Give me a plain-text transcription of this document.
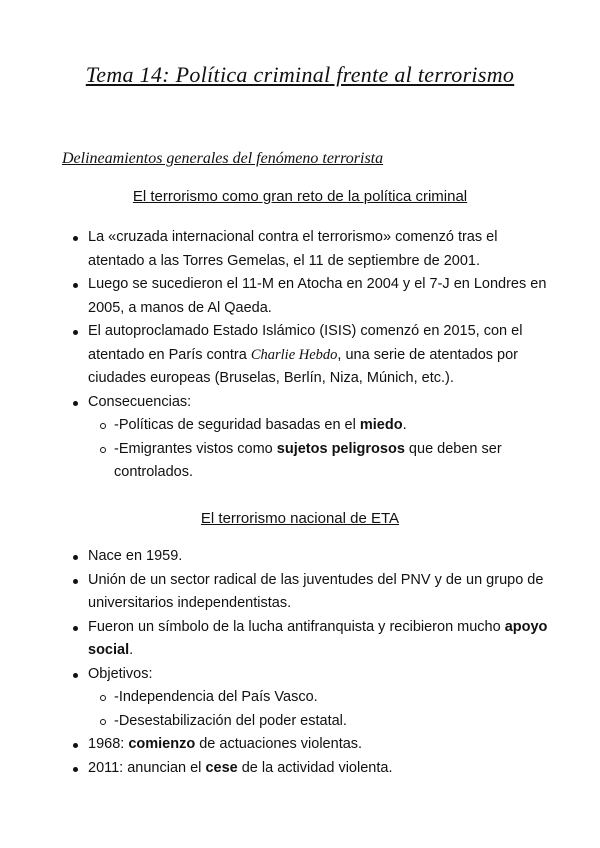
Tema 14: Política criminal frente al terrorismo
Delineamientos generales del fenómeno terrorista
El terrorismo como gran reto de la política criminal
La «cruzada internacional contra el terrorismo» comenzó tras el atentado a las Torres Gemelas, el 11 de septiembre de 2001.
Luego se sucedieron el 11-M en Atocha en 2004 y el 7-J en Londres en 2005, a manos de Al Qaeda.
El autoproclamado Estado Islámico (ISIS) comenzó en 2015, con el atentado en París contra Charlie Hebdo, una serie de atentados por ciudades europeas (Bruselas, Berlín, Niza, Múnich, etc.).
Consecuencias:
-Políticas de seguridad basadas en el miedo.
-Emigrantes vistos como sujetos peligrosos que deben ser controlados.
El terrorismo nacional de ETA
Nace en 1959.
Unión de un sector radical de las juventudes del PNV y de un grupo de universitarios independentistas.
Fueron un símbolo de la lucha antifranquista y recibieron mucho apoyo social.
Objetivos:
-Independencia del País Vasco.
-Desestabilización del poder estatal.
1968: comienzo de actuaciones violentas.
2011: anuncian el cese de la actividad violenta.
